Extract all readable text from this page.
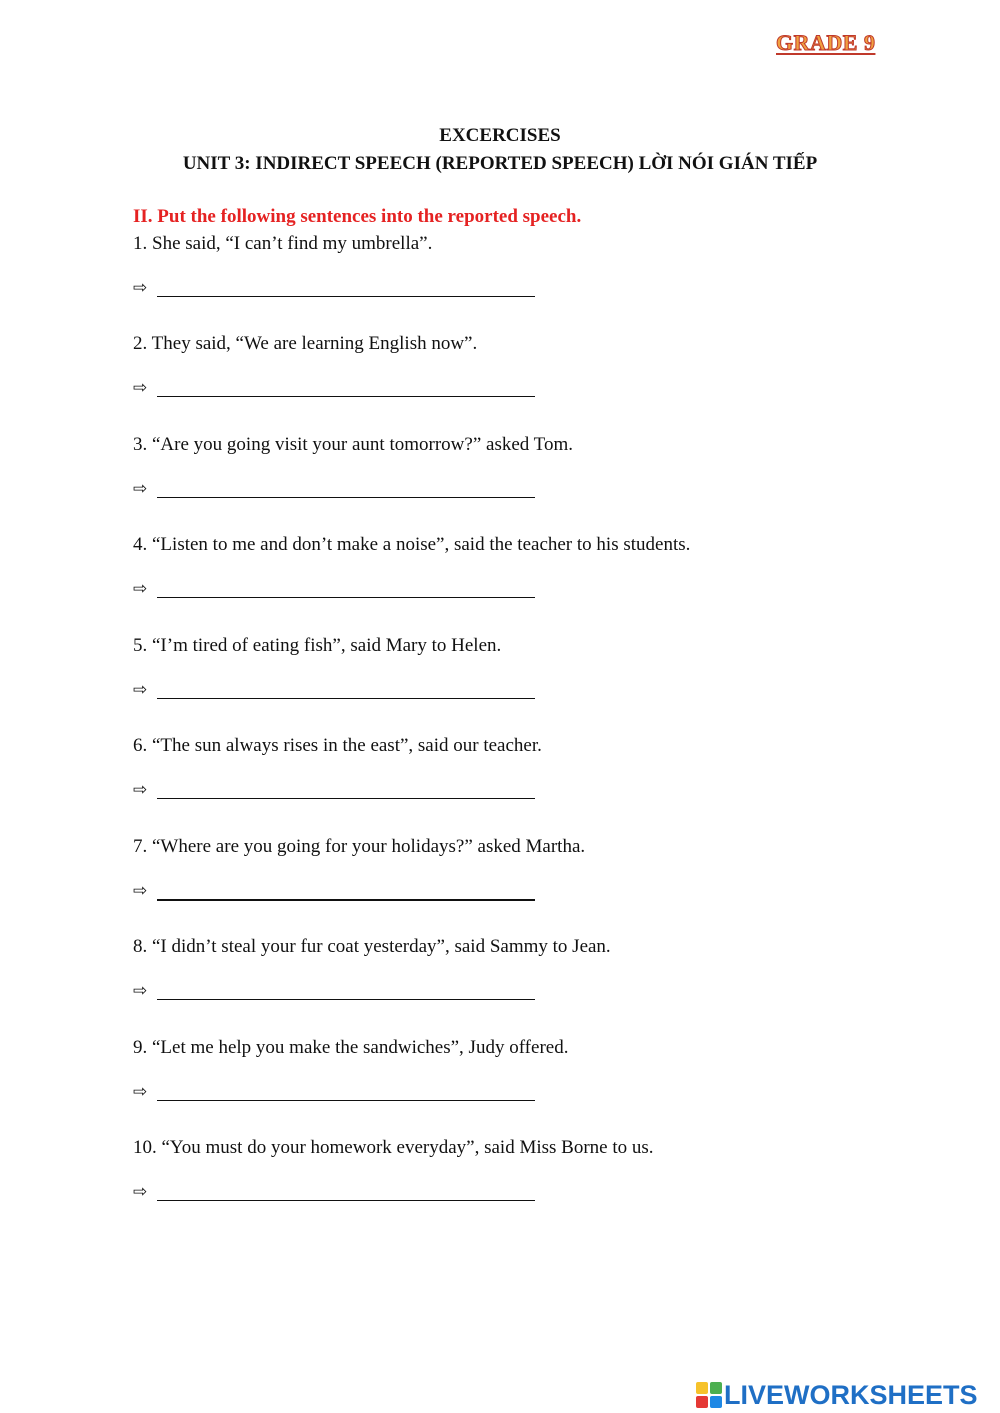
GRADE 9
EXCERCISES
UNIT 3: INDIRECT SPEECH (REPORTED SPEECH) LỜI NÓI GIÁN TIẾP
II. Put the following sentences into the reported speech.
1. She said, “I can’t find my umbrella”.
⇨
2. They said, “We are learning English now”.
⇨
3. “Are you going visit your aunt tomorrow?” asked Tom.
⇨
4. “Listen to me and don’t make a noise”, said the teacher to his students.
⇨
5. “I’m tired of eating fish”, said Mary to Helen.
⇨
6. “The sun always rises in the east”, said our teacher.
⇨
7. “Where are you going for your holidays?” asked Martha.
⇨
8. “I didn’t steal your fur coat yesterday”, said Sammy to Jean.
⇨
9. “Let me help you make the sandwiches”, Judy offered.
⇨
10. “You must do your homework everyday”, said Miss Borne to us.
⇨
LIVEWORKSHEETS
